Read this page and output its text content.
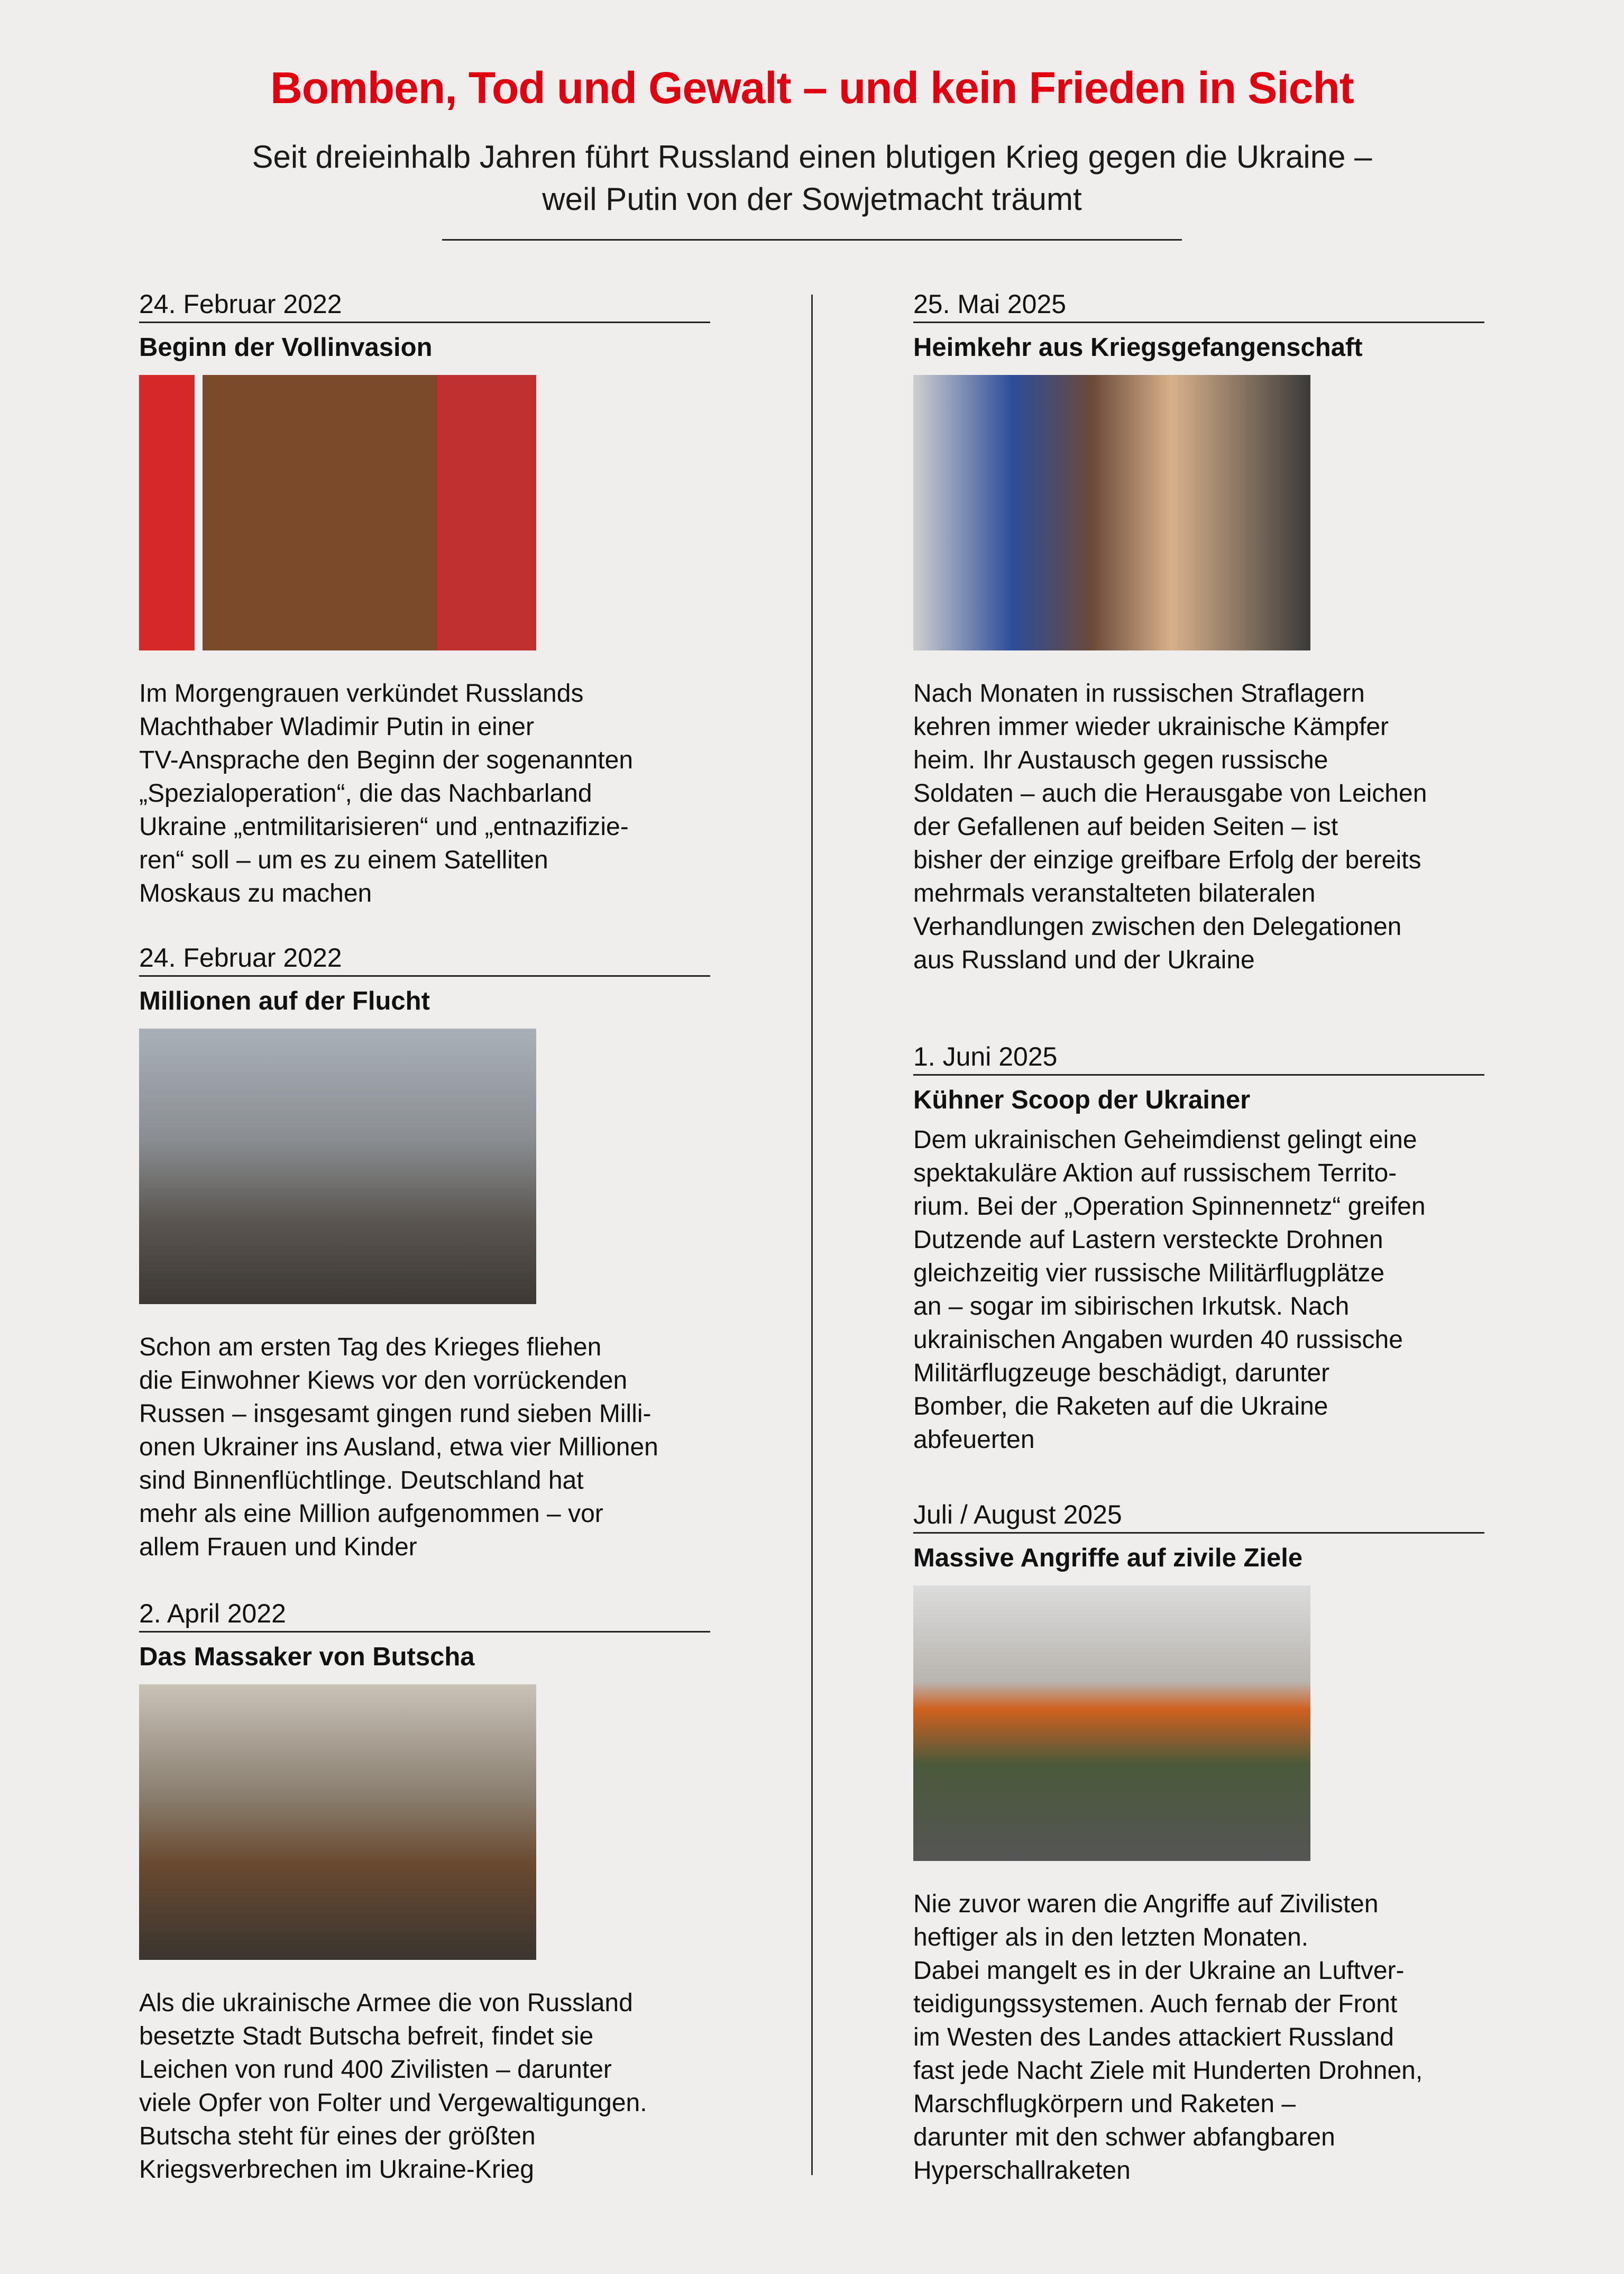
Bomben, Tod und Gewalt – und kein Frieden in Sicht
Seit dreieinhalb Jahren führt Russland einen blutigen Krieg gegen die Ukraine –
weil Putin von der Sowjetmacht träumt
24. Februar 2022
Beginn der Vollinvasion
Im Morgengrauen verkündet Russlands
Machthaber Wladimir Putin in einer
TV-Ansprache den Beginn der sogenannten
„Spezialoperation“, die das Nachbarland
Ukraine „entmilitarisieren“ und „entnazifizie-
ren“ soll – um es zu einem Satelliten
Moskaus zu machen
24. Februar 2022
Millionen auf der Flucht
Schon am ersten Tag des Krieges fliehen
die Einwohner Kiews vor den vorrückenden
Russen – insgesamt gingen rund sieben Milli-
onen Ukrainer ins Ausland, etwa vier Millionen
sind Binnenflüchtlinge. Deutschland hat
mehr als eine Million aufgenommen – vor
allem Frauen und Kinder
2. April 2022
Das Massaker von Butscha
Als die ukrainische Armee die von Russland
besetzte Stadt Butscha befreit, findet sie
Leichen von rund 400 Zivilisten – darunter
viele Opfer von Folter und Vergewaltigungen.
Butscha steht für eines der größten
Kriegsverbrechen im Ukraine-Krieg
25. Mai 2025
Heimkehr aus Kriegsgefangenschaft
Nach Monaten in russischen Straflagern
kehren immer wieder ukrainische Kämpfer
heim. Ihr Austausch gegen russische
Soldaten – auch die Herausgabe von Leichen
der Gefallenen auf beiden Seiten – ist
bisher der einzige greifbare Erfolg der bereits
mehrmals veranstalteten bilateralen
Verhandlungen zwischen den Delegationen
aus Russland und der Ukraine
1. Juni 2025
Kühner Scoop der Ukrainer
Dem ukrainischen Geheimdienst gelingt eine
spektakuläre Aktion auf russischem Territo-
rium. Bei der „Operation Spinnennetz“ greifen
Dutzende auf Lastern versteckte Drohnen
gleichzeitig vier russische Militärflugplätze
an – sogar im sibirischen Irkutsk. Nach
ukrainischen Angaben wurden 40 russische
Militärflugzeuge beschädigt, darunter
Bomber, die Raketen auf die Ukraine
abfeuerten
Juli / August 2025
Massive Angriffe auf zivile Ziele
Nie zuvor waren die Angriffe auf Zivilisten
heftiger als in den letzten Monaten.
Dabei mangelt es in der Ukraine an Luftver-
teidigungssystemen. Auch fernab der Front
im Westen des Landes attackiert Russland
fast jede Nacht Ziele mit Hunderten Drohnen,
Marschflugkörpern und Raketen –
darunter mit den schwer abfangbaren
Hyperschallraketen
